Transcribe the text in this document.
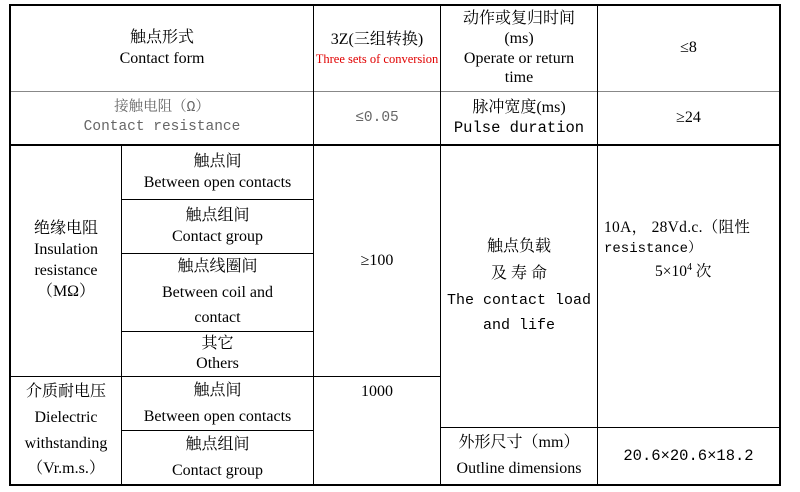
触点形式
Contact form
3Z(三组转换)
Three sets of conversion
动作或复归时间
(ms)
Operate or return
time
≤8
接触电阻（Ω）
Contact resistance
≤0.05
脉冲宽度(ms)
Pulse duration
≥24
绝缘电阻
Insulation
resistance
（MΩ）
触点间
Between open contacts
触点组间
Contact group
触点线圈间
Between coil and contact
其它
Others
≥100
触点负载
及 寿 命
The contact load
and life
10A， 28Vd.c.（阻性
resistance）
$5\times 10^4$ 次
介质耐电压
Dielectric
withstanding
（Vr.m.s.）
触点间
Between open contacts
触点组间
Contact group
1000
外形尺寸（mm）
Outline dimensions
20.6×20.6×18.2
